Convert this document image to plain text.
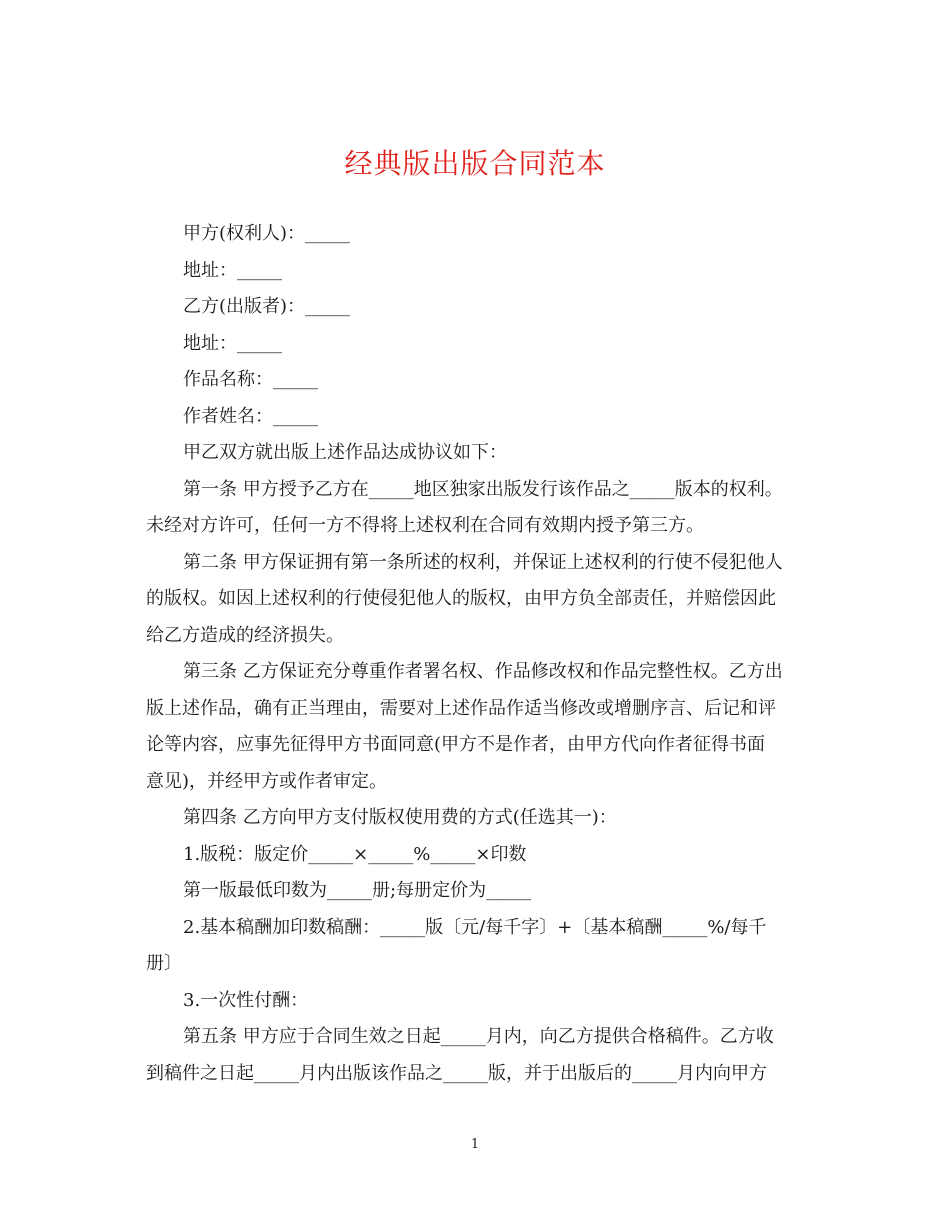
经典版出版合同范本

甲方(权利人)：_____

地址：_____

乙方(出版者)：_____

地址：_____

作品名称：_____

作者姓名：_____

甲乙双方就出版上述作品达成协议如下：

第一条 甲方授予乙方在_____地区独家出版发行该作品之_____版本的权利。
未经对方许可，任何一方不得将上述权利在合同有效期内授予第三方。

第二条 甲方保证拥有第一条所述的权利，并保证上述权利的行使不侵犯他人
的版权。如因上述权利的行使侵犯他人的版权，由甲方负全部责任，并赔偿因此
给乙方造成的经济损失。

第三条 乙方保证充分尊重作者署名权、作品修改权和作品完整性权。乙方出
版上述作品，确有正当理由，需要对上述作品作适当修改或增删序言、后记和评
论等内容，应事先征得甲方书面同意(甲方不是作者，由甲方代向作者征得书面
意见)，并经甲方或作者审定。

第四条 乙方向甲方支付版权使用费的方式(任选其一)：

1.版税：版定价_____×_____%_____×印数

第一版最低印数为_____册;每册定价为_____

2.基本稿酬加印数稿酬：_____版〔元/每千字〕+〔基本稿酬_____%/每千
册〕

3.一次性付酬：

第五条 甲方应于合同生效之日起_____月内，向乙方提供合格稿件。乙方收
到稿件之日起_____月内出版该作品之_____版，并于出版后的_____月内向甲方

1
